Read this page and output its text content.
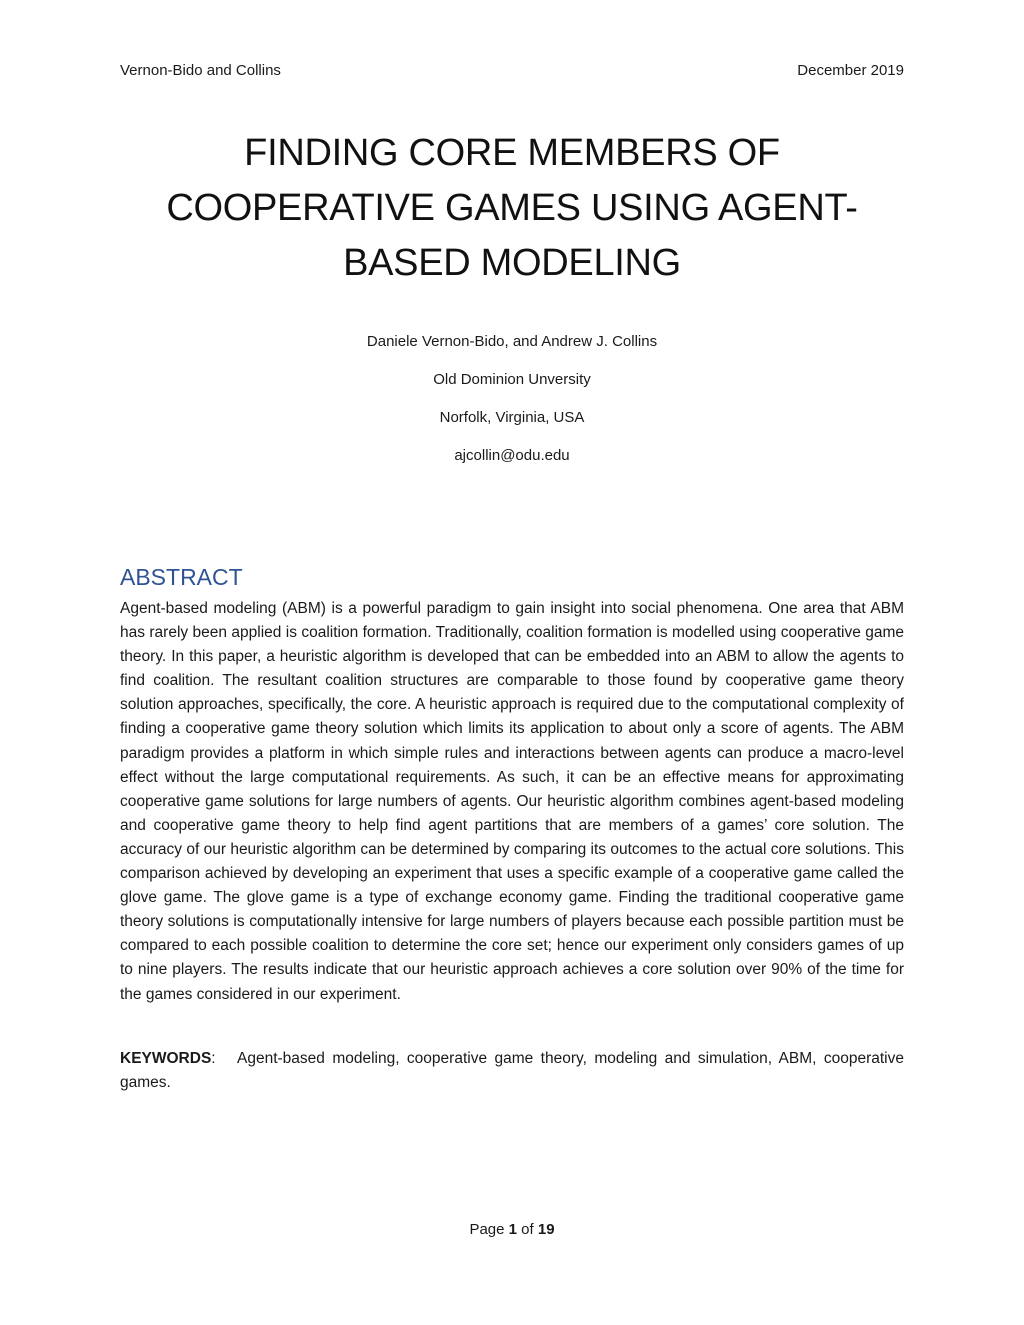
Vernon-Bido and Collins	December 2019
FINDING CORE MEMBERS OF
COOPERATIVE GAMES USING AGENT-
BASED MODELING
Daniele Vernon-Bido, and Andrew J. Collins
Old Dominion Unversity
Norfolk, Virginia, USA
ajcollin@odu.edu
ABSTRACT

Agent-based modeling (ABM) is a powerful paradigm to gain insight into social phenomena. One area that ABM has rarely been applied is coalition formation. Traditionally, coalition formation is modelled using cooperative game theory. In this paper, a heuristic algorithm is developed that can be embedded into an ABM to allow the agents to find coalition. The resultant coalition structures are comparable to those found by cooperative game theory solution approaches, specifically, the core. A heuristic approach is required due to the computational complexity of finding a cooperative game theory solution which limits its application to about only a score of agents. The ABM paradigm provides a platform in which simple rules and interactions between agents can produce a macro-level effect without the large computational requirements. As such, it can be an effective means for approximating cooperative game solutions for large numbers of agents. Our heuristic algorithm combines agent-based modeling and cooperative game theory to help find agent partitions that are members of a games’ core solution. The accuracy of our heuristic algorithm can be determined by comparing its outcomes to the actual core solutions. This comparison achieved by developing an experiment that uses a specific example of a cooperative game called the glove game. The glove game is a type of exchange economy game. Finding the traditional cooperative game theory solutions is computationally intensive for large numbers of players because each possible partition must be compared to each possible coalition to determine the core set; hence our experiment only considers games of up to nine players. The results indicate that our heuristic approach achieves a core solution over 90% of the time for the games considered in our experiment.

KEYWORDS:   Agent-based modeling, cooperative game theory, modeling and simulation, ABM, cooperative games.

Page 1 of 19
